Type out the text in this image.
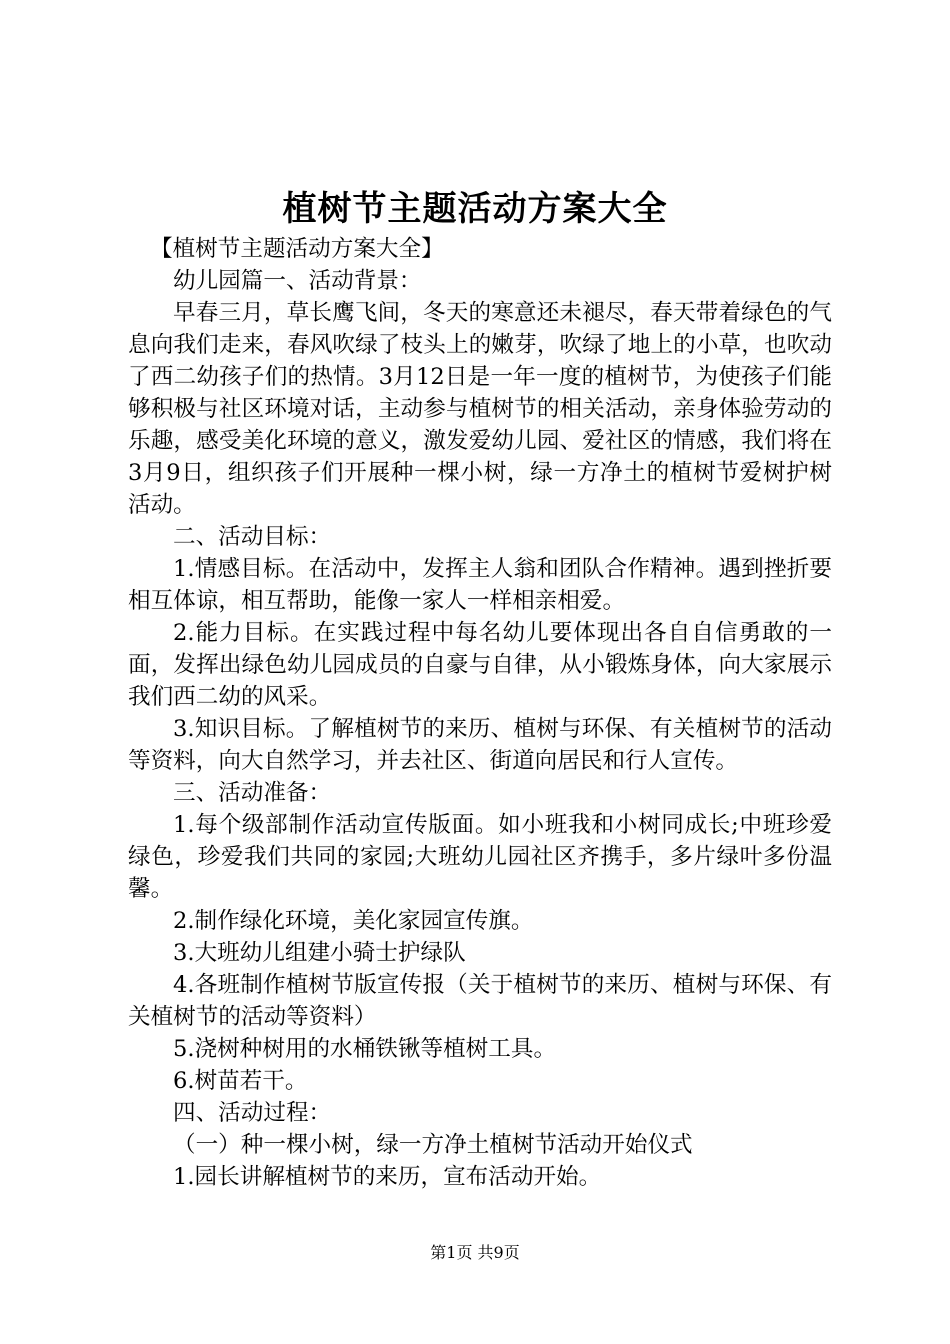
植树节主题活动方案大全

【植树节主题活动方案大全】

幼儿园篇一、活动背景：

早春三月，草长鹰飞间，冬天的寒意还未褪尽，春天带着绿色的气息向我们走来，春风吹绿了枝头上的嫩芽，吹绿了地上的小草，也吹动了西二幼孩子们的热情。3月12日是一年一度的植树节，为使孩子们能够积极与社区环境对话，主动参与植树节的相关活动，亲身体验劳动的乐趣，感受美化环境的意义，激发爱幼儿园、爱社区的情感，我们将在3月9日，组织孩子们开展种一棵小树，绿一方净土的植树节爱树护树活动。

二、活动目标：

1.情感目标。在活动中，发挥主人翁和团队合作精神。遇到挫折要相互体谅，相互帮助，能像一家人一样相亲相爱。

2.能力目标。在实践过程中每名幼儿要体现出各自自信勇敢的一面，发挥出绿色幼儿园成员的自豪与自律，从小锻炼身体，向大家展示我们西二幼的风采。

3.知识目标。了解植树节的来历、植树与环保、有关植树节的活动等资料，向大自然学习，并去社区、街道向居民和行人宣传。

三、活动准备：

1.每个级部制作活动宣传版面。如小班我和小树同成长;中班珍爱绿色，珍爱我们共同的家园;大班幼儿园社区齐携手，多片绿叶多份温馨。

2.制作绿化环境，美化家园宣传旗。

3.大班幼儿组建小骑士护绿队

4.各班制作植树节版宣传报（关于植树节的来历、植树与环保、有关植树节的活动等资料）

5.浇树种树用的水桶铁锹等植树工具。

6.树苗若干。

四、活动过程：

（一）种一棵小树，绿一方净土植树节活动开始仪式

1.园长讲解植树节的来历，宣布活动开始。

第1页 共9页
